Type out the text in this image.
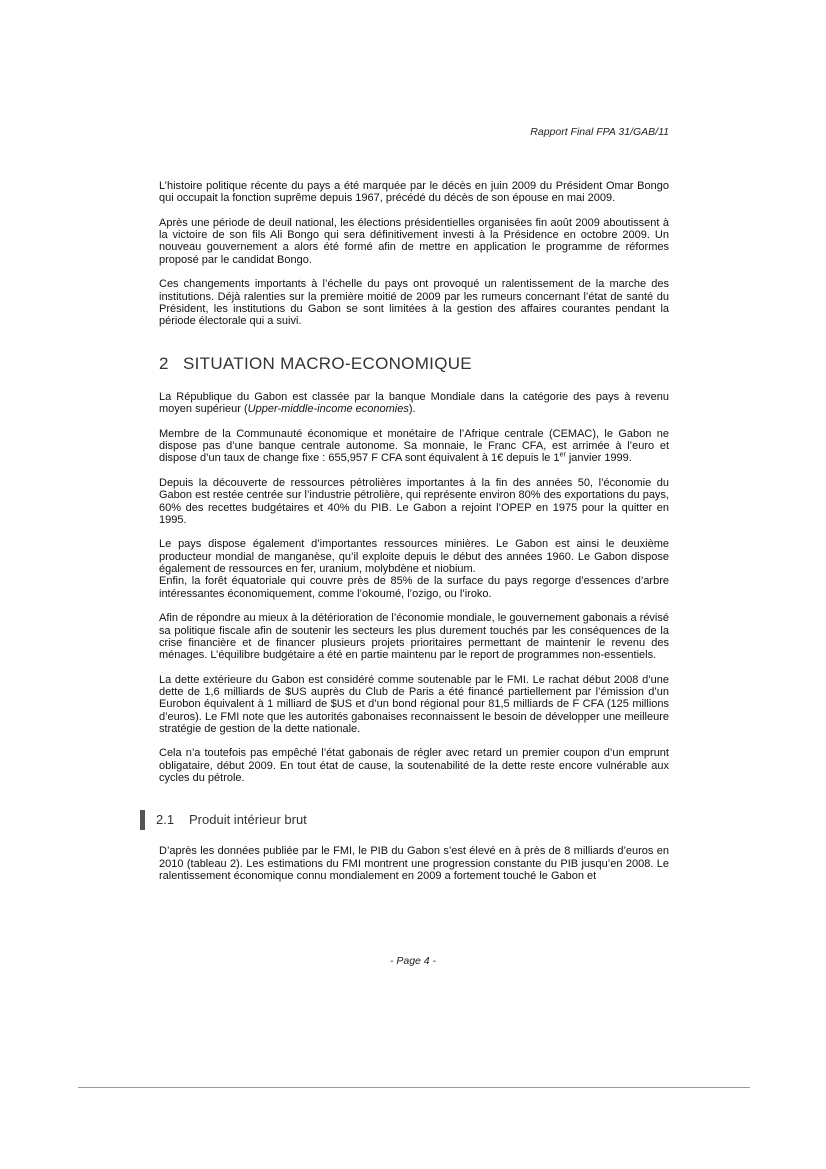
Rapport Final FPA 31/GAB/11

L’histoire politique récente du pays a été marquée par le décès en juin 2009 du Président Omar Bongo qui occupait la fonction suprême depuis 1967, précédé du décès de son épouse en mai 2009.

Après une période de deuil national, les élections présidentielles organisées fin août 2009 aboutissent à la victoire de son fils Ali Bongo qui sera définitivement investi à la Présidence en octobre 2009. Un nouveau gouvernement a alors été formé afin de mettre en application le programme de réformes proposé par le candidat Bongo.

Ces changements importants à l’échelle du pays ont provoqué un ralentissement de la marche des institutions. Déjà ralenties sur la première moitié de 2009 par les rumeurs concernant l’état de santé du Président, les institutions du Gabon se sont limitées à la gestion des affaires courantes pendant la période électorale qui a suivi.

2 SITUATION MACRO-ECONOMIQUE

La République du Gabon est classée par la banque Mondiale dans la catégorie des pays à revenu moyen supérieur (Upper-middle-income economies).

Membre de la Communauté économique et monétaire de l’Afrique centrale (CEMAC), le Gabon ne dispose pas d’une banque centrale autonome. Sa monnaie, le Franc CFA, est arrimée à l’euro et dispose d’un taux de change fixe : 655,957 F CFA sont équivalent à 1€ depuis le 1er janvier 1999.

Depuis la découverte de ressources pétrolières importantes à la fin des années 50, l’économie du Gabon est restée centrée sur l’industrie pétrolière, qui représente environ 80% des exportations du pays, 60% des recettes budgétaires et 40% du PIB. Le Gabon a rejoint l’OPEP en 1975 pour la quitter en 1995.

Le pays dispose également d’importantes ressources minières. Le Gabon est ainsi le deuxième producteur mondial de manganèse, qu’il exploite depuis le début des années 1960. Le Gabon dispose également de ressources en fer, uranium, molybdène et niobium.

Enfin, la forêt équatoriale qui couvre près de 85% de la surface du pays regorge d’essences d’arbre intéressantes économiquement, comme l’okoumé, l’ozigo, ou l’iroko.

Afin de répondre au mieux à la détérioration de l’économie mondiale, le gouvernement gabonais a révisé sa politique fiscale afin de soutenir les secteurs les plus durement touchés par les conséquences de la crise financière et de financer plusieurs projets prioritaires permettant de maintenir le revenu des ménages. L’équilibre budgétaire a été en partie maintenu par le report de programmes non-essentiels.

La dette extérieure du Gabon est considéré comme soutenable par le FMI. Le rachat début 2008 d’une dette de 1,6 milliards de $US auprès du Club de Paris a été financé partiellement par l’émission d’un Eurobon équivalent à 1 milliard de $US et d’un bond régional pour 81,5 milliards de F CFA (125 millions d’euros). Le FMI note que les autorités gabonaises reconnaissent le besoin de développer une meilleure stratégie de gestion de la dette nationale.

Cela n’a toutefois pas empêché l’état gabonais de régler avec retard un premier coupon d’un emprunt obligataire, début 2009. En tout état de cause, la soutenabilité de la dette reste encore vulnérable aux cycles du pétrole.

2.1	Produit intérieur brut

D’après les données publiée par le FMI, le PIB du Gabon s’est élevé en à près de 8 milliards d’euros en 2010 (tableau 2). Les estimations du FMI montrent une progression constante du PIB jusqu’en 2008. Le ralentissement économique connu mondialement en 2009 a fortement touché le Gabon et

- Page 4 -
